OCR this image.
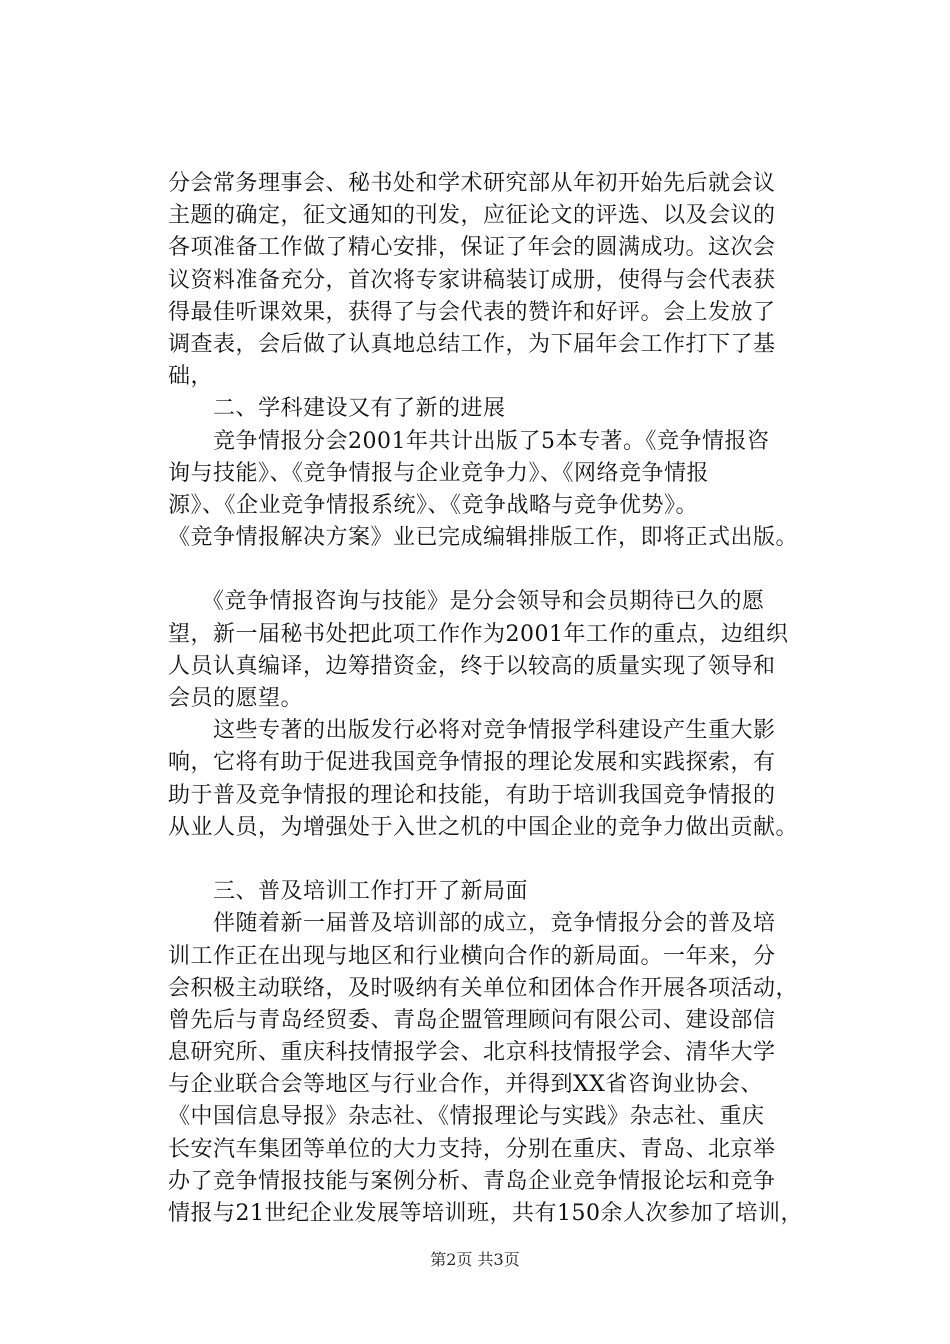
第2页 共3页
分会常务理事会、秘书处和学术研究部从年初开始先后就会议
主题的确定，征文通知的刊发，应征论文的评选、以及会议的
各项准备工作做了精心安排，保证了年会的圆满成功。这次会
议资料准备充分，首次将专家讲稿装订成册，使得与会代表获
得最佳听课效果，获得了与会代表的赞许和好评。会上发放了
调查表，会后做了认真地总结工作，为下届年会工作打下了基
础，
　　二、学科建设又有了新的进展
　　竞争情报分会2001年共计出版了5本专著。《竞争情报咨
询与技能》、《竞争情报与企业竞争力》、《网络竞争情报
源》、《企业竞争情报系统》、《竞争战略与竞争优势》。
《竞争情报解决方案》业已完成编辑排版工作，即将正式出版。
　　《竞争情报咨询与技能》是分会领导和会员期待已久的愿
望，新一届秘书处把此项工作作为2001年工作的重点，边组织
人员认真编译，边筹措资金，终于以较高的质量实现了领导和
会员的愿望。
　　这些专著的出版发行必将对竞争情报学科建设产生重大影
响，它将有助于促进我国竞争情报的理论发展和实践探索，有
助于普及竞争情报的理论和技能，有助于培训我国竞争情报的
从业人员，为增强处于入世之机的中国企业的竞争力做出贡献。
　　三、普及培训工作打开了新局面
　　伴随着新一届普及培训部的成立，竞争情报分会的普及培
训工作正在出现与地区和行业横向合作的新局面。一年来，分
会积极主动联络，及时吸纳有关单位和团体合作开展各项活动，
曾先后与青岛经贸委、青岛企盟管理顾问有限公司、建设部信
息研究所、重庆科技情报学会、北京科技情报学会、清华大学
与企业联合会等地区与行业合作，并得到XX省咨询业协会、
《中国信息导报》杂志社、《情报理论与实践》杂志社、重庆
长安汽车集团等单位的大力支持，分别在重庆、青岛、北京举
办了竞争情报技能与案例分析、青岛企业竞争情报论坛和竞争
情报与21世纪企业发展等培训班，共有150余人次参加了培训，
